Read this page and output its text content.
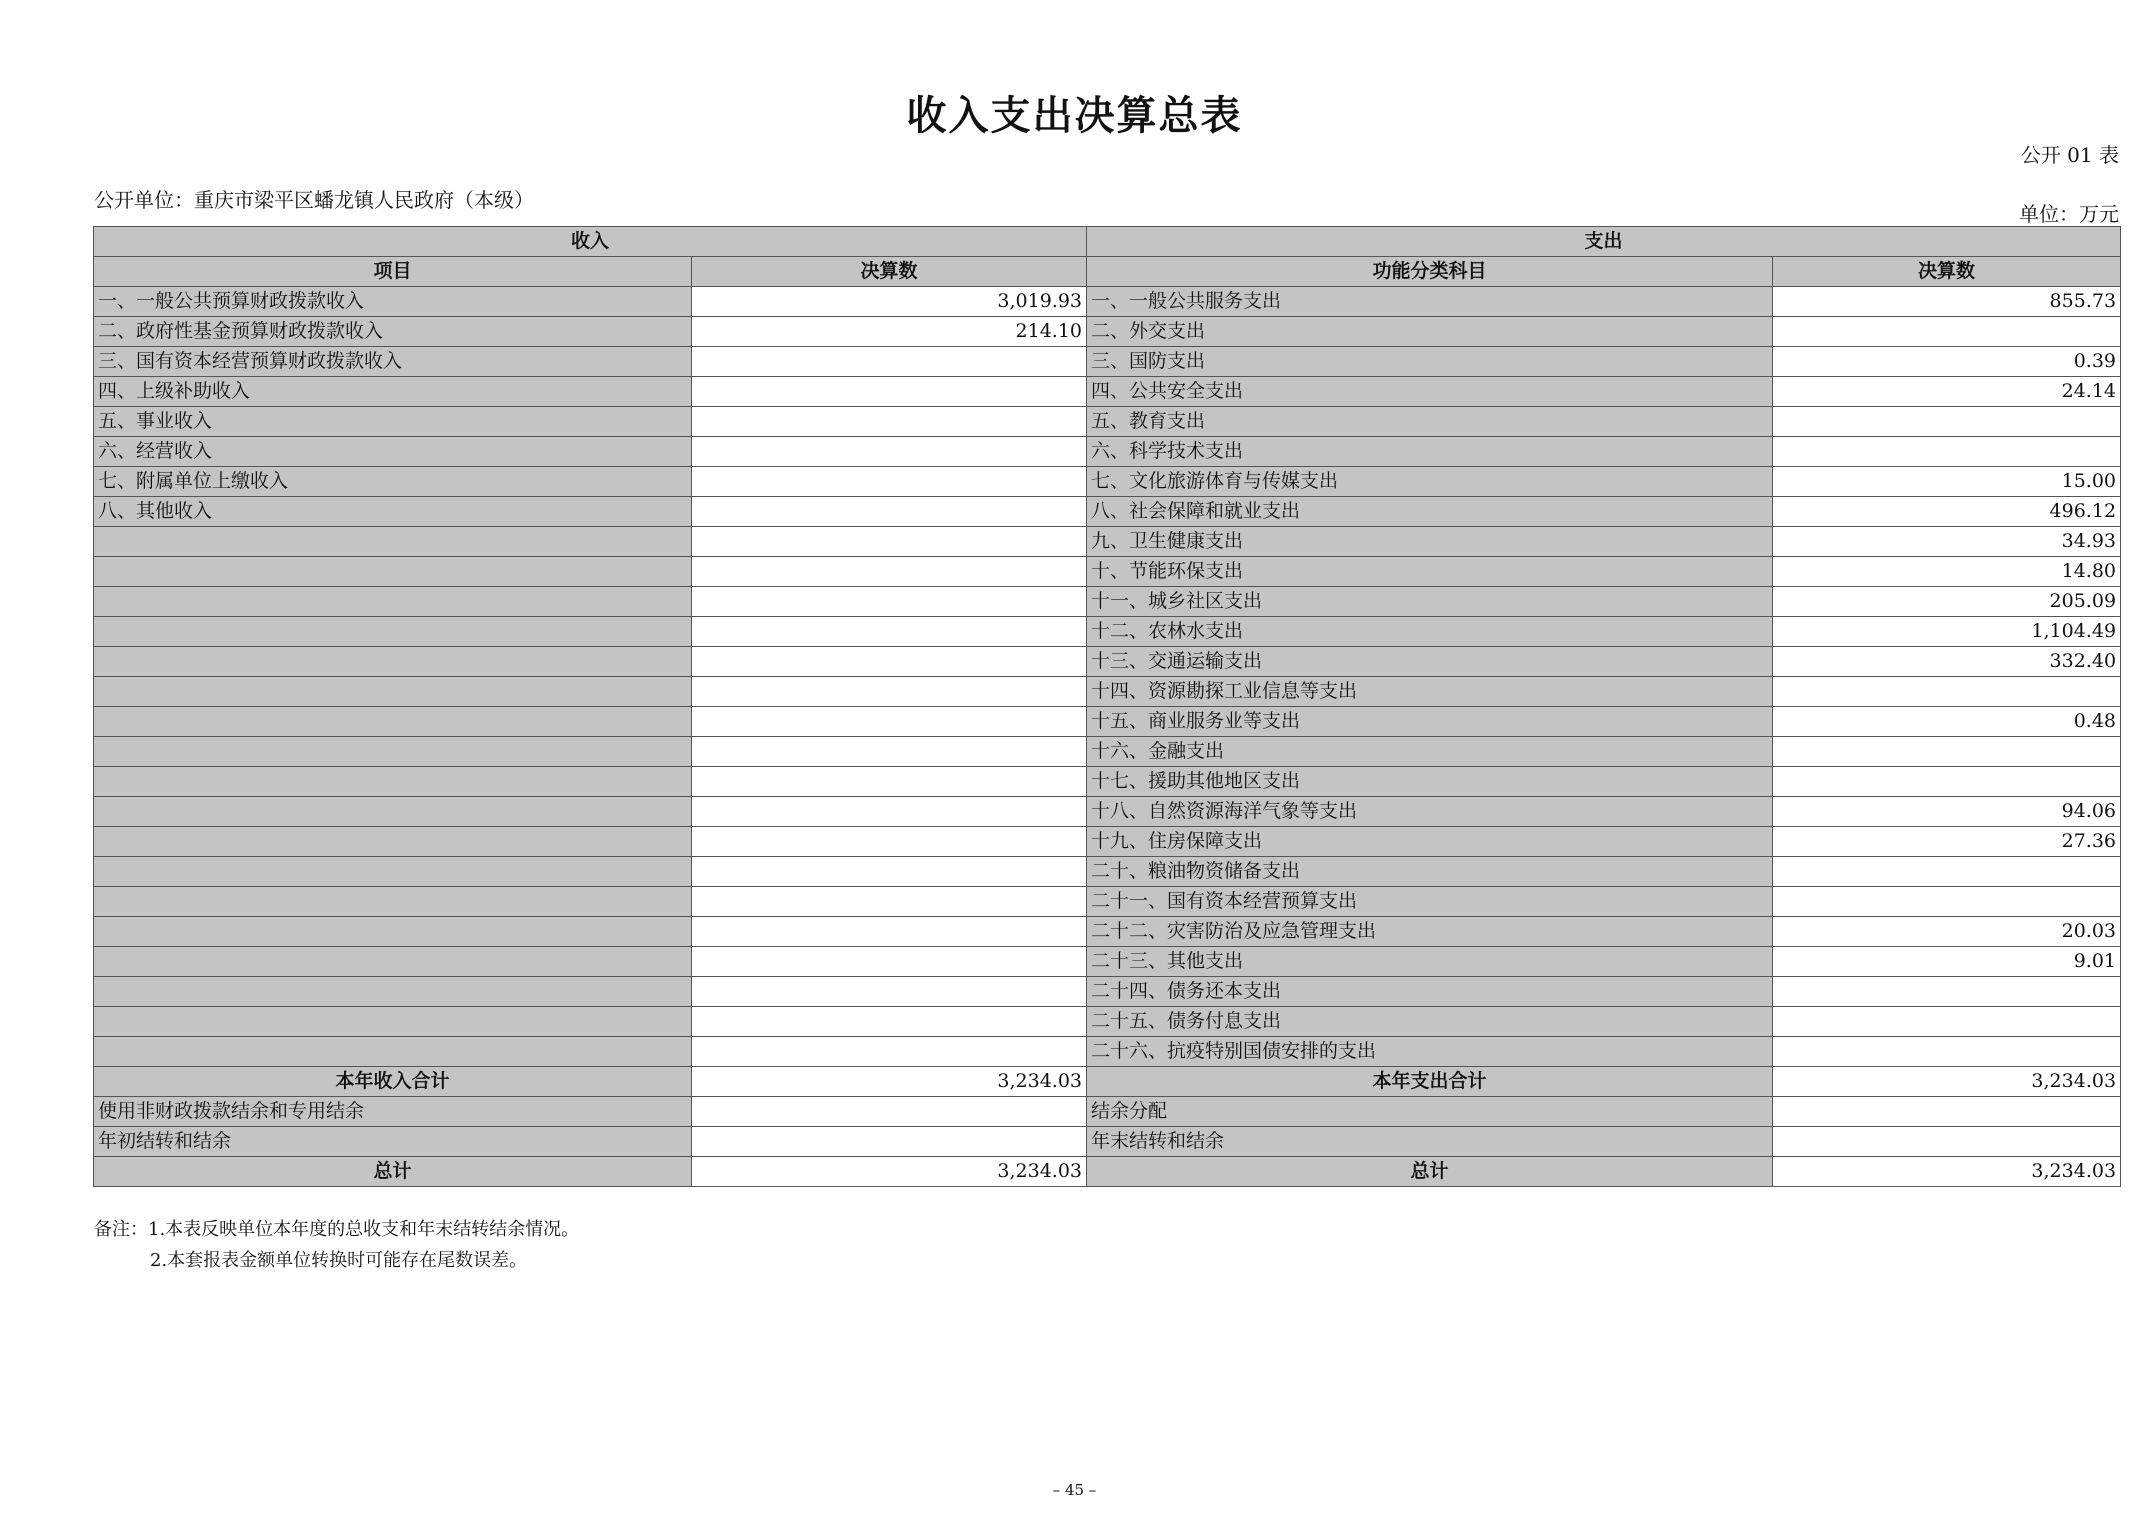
收入支出决算总表
公开 01 表
公开单位：重庆市梁平区蟠龙镇人民政府（本级）
单位：万元
收入		支出	
项目	决算数	功能分类科目	决算数
一、一般公共预算财政拨款收入	3,019.93	一、一般公共服务支出	855.73
二、政府性基金预算财政拨款收入	214.10	二、外交支出	
三、国有资本经营预算财政拨款收入		三、国防支出	0.39
四、上级补助收入		四、公共安全支出	24.14
五、事业收入		五、教育支出	
六、经营收入		六、科学技术支出	
七、附属单位上缴收入		七、文化旅游体育与传媒支出	15.00
八、其他收入		八、社会保障和就业支出	496.12
		九、卫生健康支出	34.93
		十、节能环保支出	14.80
		十一、城乡社区支出	205.09
		十二、农林水支出	1,104.49
		十三、交通运输支出	332.40
		十四、资源勘探工业信息等支出	
		十五、商业服务业等支出	0.48
		十六、金融支出	
		十七、援助其他地区支出	
		十八、自然资源海洋气象等支出	94.06
		十九、住房保障支出	27.36
		二十、粮油物资储备支出	
		二十一、国有资本经营预算支出	
		二十二、灾害防治及应急管理支出	20.03
		二十三、其他支出	9.01
		二十四、债务还本支出	
		二十五、债务付息支出	
		二十六、抗疫特别国债安排的支出	
本年收入合计	3,234.03	本年支出合计	3,234.03
使用非财政拨款结余和专用结余		结余分配	
年初结转和结余		年末结转和结余	
总计	3,234.03	总计	3,234.03
备注：1.本表反映单位本年度的总收支和年末结转结余情况。
2.本套报表金额单位转换时可能存在尾数误差。
– 45 –
